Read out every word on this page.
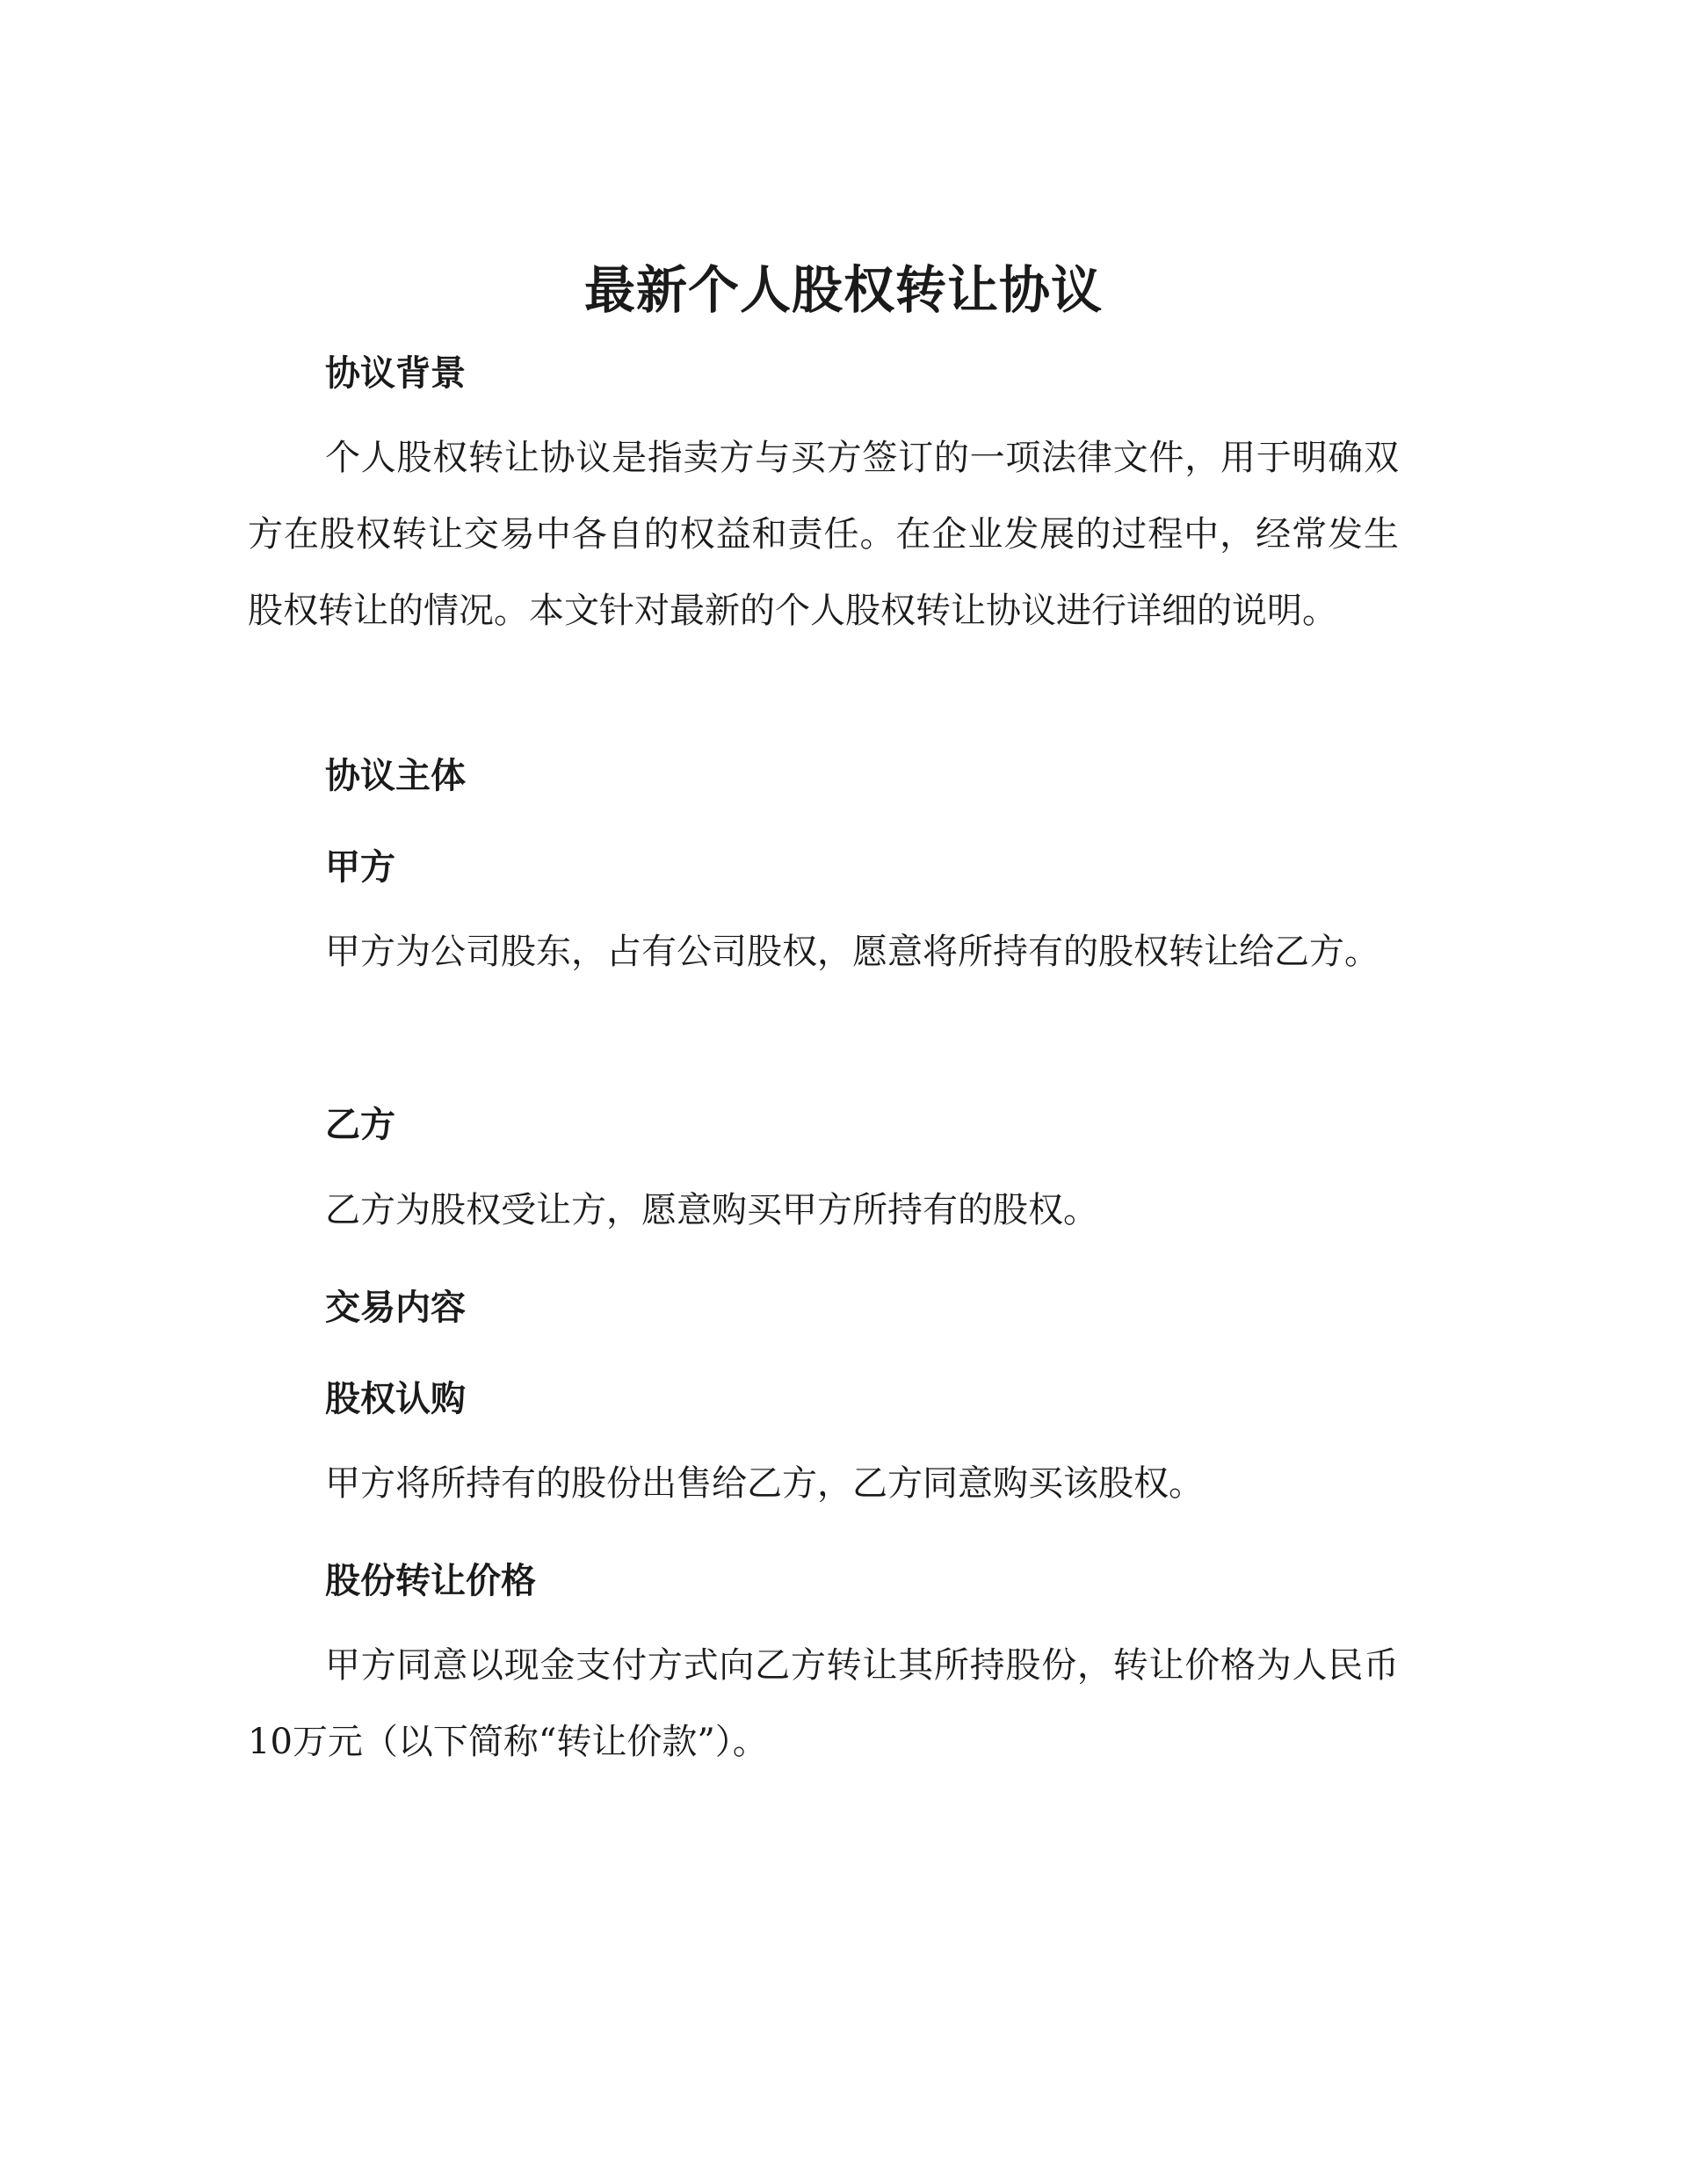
最新个人股权转让协议
协议背景

个人股权转让协议是指卖方与买方签订的一项法律文件，用于明确双方在股权转让交易中各自的权益和责任。在企业发展的过程中，经常发生股权转让的情况。本文针对最新的个人股权转让协议进行详细的说明。

协议主体
甲方

甲方为公司股东，占有公司股权，愿意将所持有的股权转让给乙方。

乙方

乙方为股权受让方，愿意购买甲方所持有的股权。

交易内容
股权认购

甲方将所持有的股份出售给乙方，乙方同意购买该股权。

股份转让价格

甲方同意以现金支付方式向乙方转让其所持股份，转让价格为人民币10万元（以下简称“转让价款”）。
